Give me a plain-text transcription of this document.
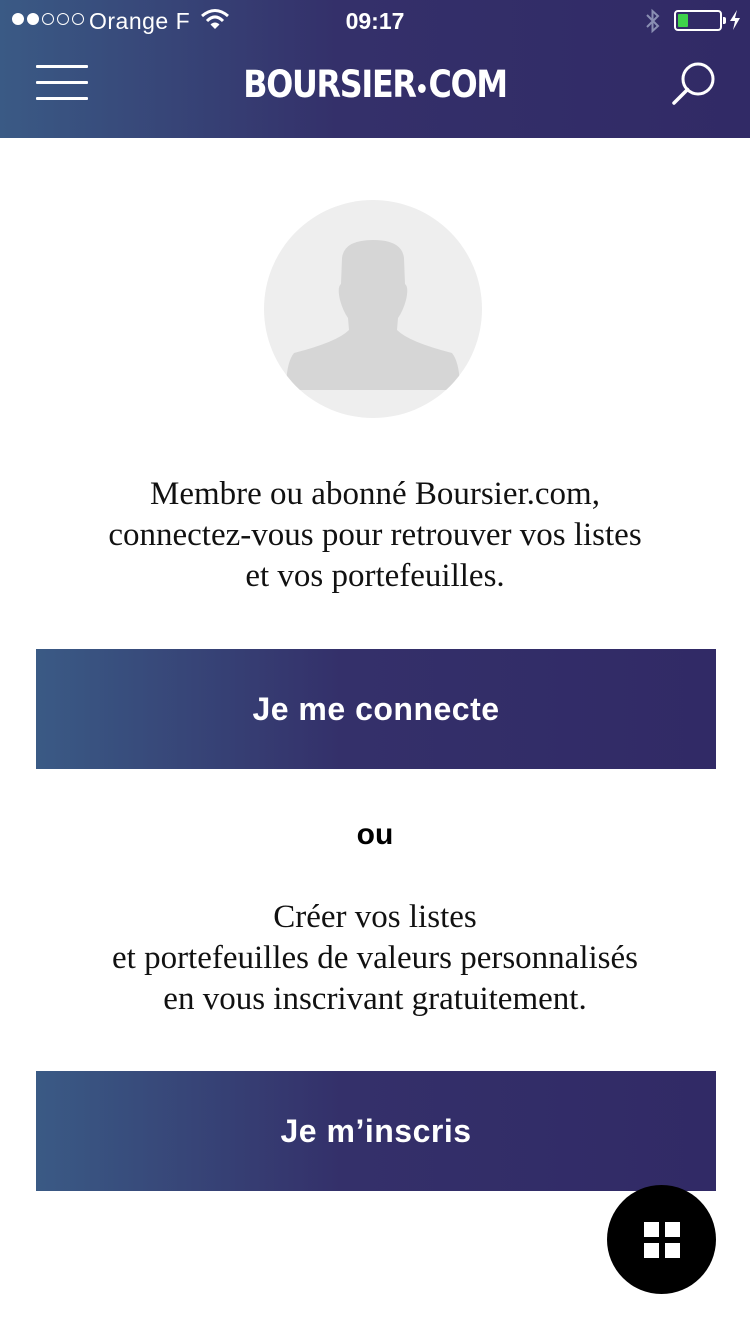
Orange F	09:17
BOURSIER COM
Membre ou abonné Boursier.com,
connectez-vous pour retrouver vos listes
et vos portefeuilles.
Je me connecte
ou
Créer vos listes
et portefeuilles de valeurs personnalisés
en vous inscrivant gratuitement.
Je m’inscris
